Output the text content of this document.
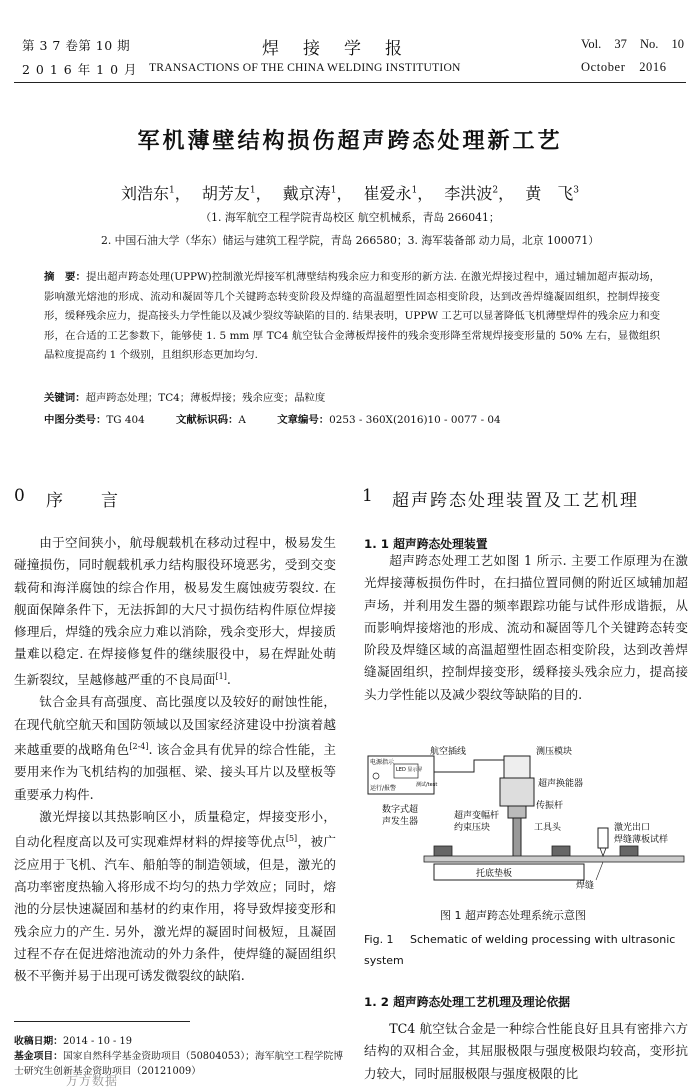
第 3 7 卷第 10 期
2 0 1 6 年 1 0 月
焊接学报
TRANSACTIONS OF THE CHINA WELDING INSTITUTION
Vol. 37 No. 10
October 2016
军机薄壁结构损伤超声跨态处理新工艺
刘浩东$^1$， 胡芳友$^1$， 戴京涛$^1$， 崔爱永$^1$， 李洪波$^2$， 黄　飞$^3$
（1. 海军航空工程学院青岛校区 航空机械系，青岛 266041；
2. 中国石油大学（华东）储运与建筑工程学院，青岛 266580；3. 海军装备部 动力局，北京 100071）
摘　要：提出超声跨态处理(UPPW)控制激光焊接军机薄壁结构残余应力和变形的新方法. 在激光焊接过程中，通过辅加超声振动场，影响激光熔池的形成、流动和凝固等几个关键跨态转变阶段及焊缝的高温超塑性固态相变阶段，达到改善焊缝凝固组织，控制焊接变形，缓释残余应力，提高接头力学性能以及减少裂纹等缺陷的目的. 结果表明，UPPW 工艺可以显著降低飞机薄壁焊件的残余应力和变形，在合适的工艺参数下，能够使 1. 5 mm 厚 TC4 航空钛合金薄板焊接件的残余变形降至常规焊接变形量的 50% 左右，显微组织晶粒度提高约 1 个级别，且组织形态更加均匀.
关键词：超声跨态处理；TC4；薄板焊接；残余应变；晶粒度
中图分类号：TG 404	文献标识码：A	文章编号：0253 - 360X(2016)10 - 0077 - 04
0 序言

由于空间狭小，航母舰载机在移动过程中，极易发生碰撞损伤，同时舰载机承力结构服役环境恶劣，受到交变载荷和海洋腐蚀的综合作用，极易发生腐蚀疲劳裂纹. 在舰面保障条件下，无法拆卸的大尺寸损伤结构件原位焊接修理后，焊缝的残余应力难以消除，残余变形大，焊接质量难以稳定. 在焊接修复件的继续服役中，易在焊趾处萌生新裂纹，呈越修越严重的不良局面[1].

钛合金具有高强度、高比强度以及较好的耐蚀性能，在现代航空航天和国防领域以及国家经济建设中扮演着越来越重要的战略角色[2-4]. 该合金具有优异的综合性能，主要用来作为飞机结构的加强框、梁、接头耳片以及壁板等重要承力构件.

激光焊接以其热影响区小，质量稳定，焊接变形小，自动化程度高以及可实现难焊材料的焊接等优点[5]，被广泛应用于飞机、汽车、船舶等的制造领域，但是，激光的高功率密度热输入将形成不均匀的热力学效应；同时，熔池的分层快速凝固和基材的约束作用，将导致焊接变形和残余应力的产生. 另外，激光焊的凝固时间极短，且凝固过程不存在促进熔池流动的外力条件，使焊缝的凝固组织极不平衡并易于出现可诱发微裂纹的缺陷.

1 超声跨态处理装置及工艺机理
1. 1 超声跨态处理装置

超声跨态处理工艺如图 1 所示. 主要工作原理为在激光焊接薄板损伤件时，在扫描位置同侧的附近区域辅加超声场，并利用发生器的频率跟踪功能与试件形成谐振，从而影响焊接熔池的形成、流动和凝固等几个关键跨态转变阶段及焊缝区域的高温超塑性固态相变阶段，达到改善焊缝凝固组织，控制焊接变形，缓释接头残余应力，提高接头力学性能以及减少裂纹等缺陷的目的.

电源指示
LED 显示屏
测试/test
运行/报警
数字式超
声发生器
航空插线	测压模块
超声换能器
超声变幅杆
传振杆
约束压块	工具头
托底垫板
激光出口
焊缝薄板试样
焊缝
图 1 超声跨态处理系统示意图
Fig. 1 Schematic of welding processing with ultrasonic system
1. 2 超声跨态处理工艺机理及理论依据

TC4 航空钛合金是一种综合性能良好且具有密排六方结构的双相合金，其屈服极限与强度极限均较高，变形抗力较大，同时屈服极限与强度极限的比

收稿日期：2014 - 10 - 19
基金项目：国家自然科学基金资助项目（50804053）；海军航空工程学院博士研究生创新基金资助项目（20121009）
万方数据
